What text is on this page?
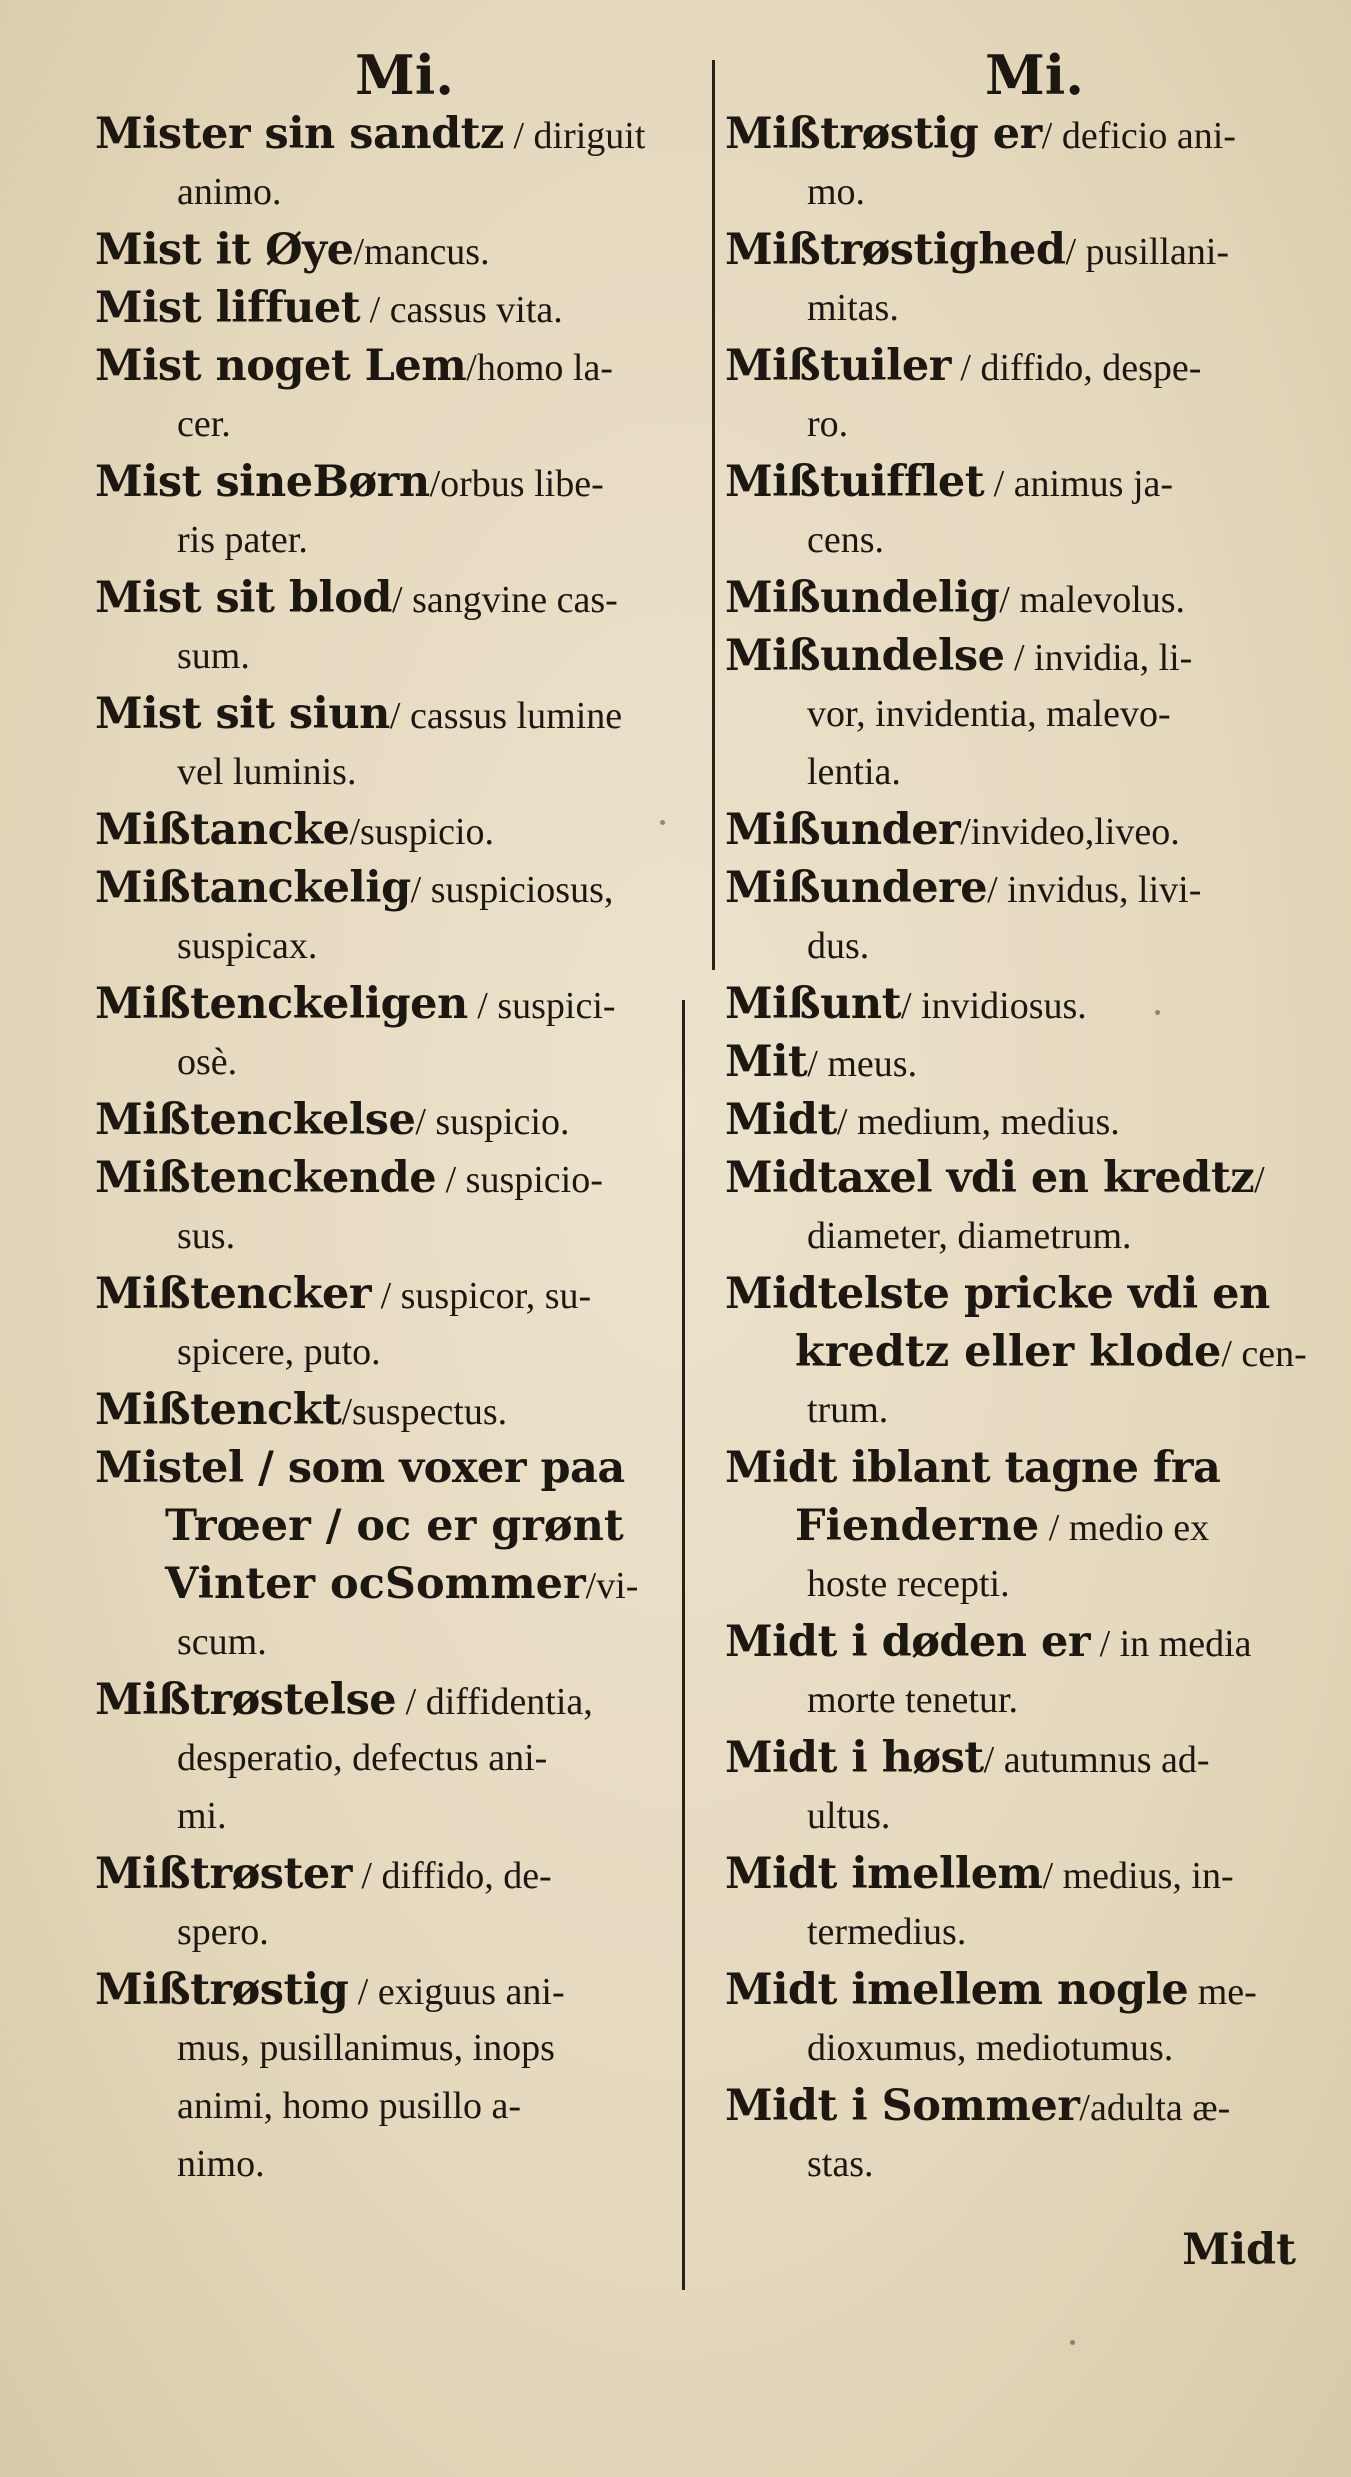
Mi.
Mister sin sandtz / diriguit
animo.
Mist it Øye/mancus.
Mist liffuet / cassus vita.
Mist noget Lem/homo la-
cer.
Mist sineBørn/orbus libe-
ris pater.
Mist sit blod/ sangvine cas-
sum.
Mist sit siun/ cassus lumine
vel luminis.
Mißtancke/suspicio.
Mißtanckelig/ suspiciosus,
suspicax.
Mißtenckeligen / suspici-
osè.
Mißtenckelse/ suspicio.
Mißtenckende / suspicio-
sus.
Mißtencker / suspicor, su-
spicere, puto.
Mißtenckt/suspectus.
Mistel / som voxer paa
Trœer / oc er grønt
Vinter ocSommer/vi-
scum.
Mißtrøstelse / diffidentia,
desperatio, defectus ani-
mi.
Mißtrøster / diffido, de-
spero.
Mißtrøstig / exiguus ani-
mus, pusillanimus, inops
animi, homo pusillo a-
nimo.
Mi.
Mißtrøstig er/ deficio ani-
mo.
Mißtrøstighed/ pusillani-
mitas.
Mißtuiler / diffido, despe-
ro.
Mißtuifflet / animus ja-
cens.
Mißundelig/ malevolus.
Mißundelse / invidia, li-
vor, invidentia, malevo-
lentia.
Mißunder/invideo,liveo.
Mißundere/ invidus, livi-
dus.
Mißunt/ invidiosus.
Mit/ meus.
Midt/ medium, medius.
Midtaxel vdi en kredtz/
diameter, diametrum.
Midtelste pricke vdi en
kredtz eller klode/ cen-
trum.
Midt iblant tagne fra
Fienderne / medio ex
hoste recepti.
Midt i døden er / in media
morte tenetur.
Midt i høst/ autumnus ad-
ultus.
Midt imellem/ medius, in-
termedius.
Midt imellem nogle me-
dioxumus, mediotumus.
Midt i Sommer/adulta æ-
stas.
Midt
